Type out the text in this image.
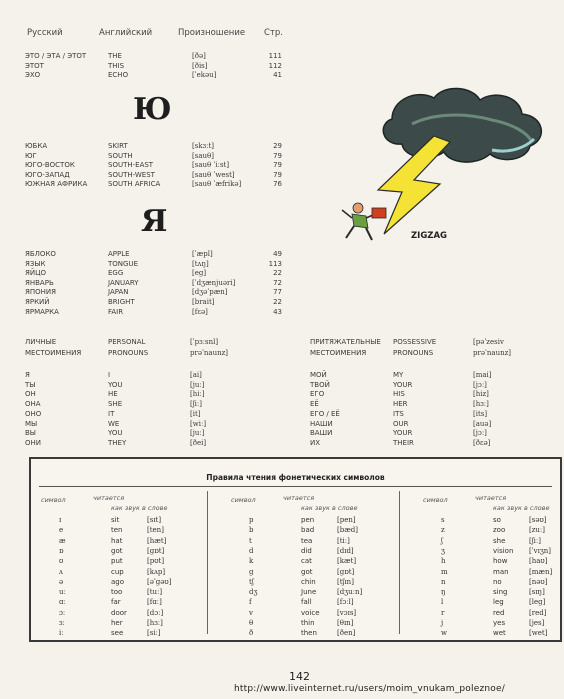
Русский	Английский	Произношение Стр.
ЭТО / ЭТА / ЭТОТ	THE	[ðə]	111
ЭТОТ	THIS	[ðis]	112
ЭХО	ECHO	[ˈekəu]	41
ЮБКА	SKIRT	[skɜːt]	29
ЮГ	SOUTH	[sauθ]	79
ЮГО-ВОСТОК	SOUTH-EAST	[sauθ ˈiːst]	79
ЮГО-ЗАПАД	SOUTH-WEST	[sauθ ˈwest]	79
ЮЖНАЯ АФРИКА	SOUTH AFRICA	[sauθ ˈæfrikə]	76
ЯБЛОКО	APPLE	[ˈæpl]	49
ЯЗЫК	TONGUE	[tʌŋ]	113
ЯЙЦО	EGG	[eg]	22
ЯНВАРЬ	JANUARY	[ˈdʒænjuəri]	72
ЯПОНИЯ	JAPAN	[dʒəˈpæn]	77
ЯРКИЙ	BRIGHT	[brait]	22
ЯРМАРКА	FAIR	[fɛə]	43
Ю
Я	ZIGZAG
ЛИЧНЫЕ	PERSONAL	[ˈpɜːsnl]
МЕСТОИМЕНИЯ	PRONOUNS	prəˈnaunz]
Я	I	[ai]
ТЫ	YOU	[juː]
ОН	HE	[hiː]
ОНА	SHE	[ʃiː]
ОНО	IT	[it]
МЫ	WE	[wiː]
ВЫ	YOU	[juː]
ОНИ	THEY	[ðei]
ПРИТЯЖАТЕЛЬНЫЕ POSSESSIVE	[pəˈzesiv
МЕСТОИМЕНИЯ	PRONOUNS	prəˈnaunz]
МОЙ	MY	[mai]
ТВОЙ	YOUR	[jɔː]
ЕГО	HIS	[hiz]
ЕЁ	HER	[hɜː]
ЕГО / ЕЁ	ITS	[its]
НАШИ	OUR	[auə]
ВАШИ	YOUR	[jɔː]
ИХ	THEIR	[ðɛə]
Правила чтения фонетических символов
символ	читается
как звук в слове
ɪ	sit	[sɪt]
e	ten	[ten]
æ	hat	[hæt]
ɒ	got	[gɒt]
ʊ	put	[pʊt]
ʌ	cup	[kʌp]
ə	ago	[əˈgəʊ]
uː	too	[tuː]
ɑː	far	[fɑː]
ɔː	door	[dɔː]
ɜː	her	[hɜː]
iː	see	[siː]
символ	читается
как звук в слове
p	pen	[pen]
b	bad	[bæd]
t	tea	[tiː]
d	did	[dɪd]
k	cat	[kæt]
g	got	[gɒt]
tʃ	chin	[tʃɪn]
dʒ	June	[dʒuːn]
f	fall	[fɔːl]
v	voice [vɔɪs]
θ	thin	[θɪn]
ð	then	[ðen]
символ	читается
как звук в слове
s	so	[səʊ]
z	zoo	[zuː]
ʃ	she	[ʃiː]
ʒ	vision [ˈvɪʒn]
h	how	[haʊ]
m	man	[mæn]
n	no	[nəʊ]
ŋ	sing	[sɪŋ]
l	leg	[leg]
r	red	[red]
j	yes	[jes]
w	wet	[wet]
142
http://www.liveinternet.ru/users/moim_vnukam_poleznoe/
